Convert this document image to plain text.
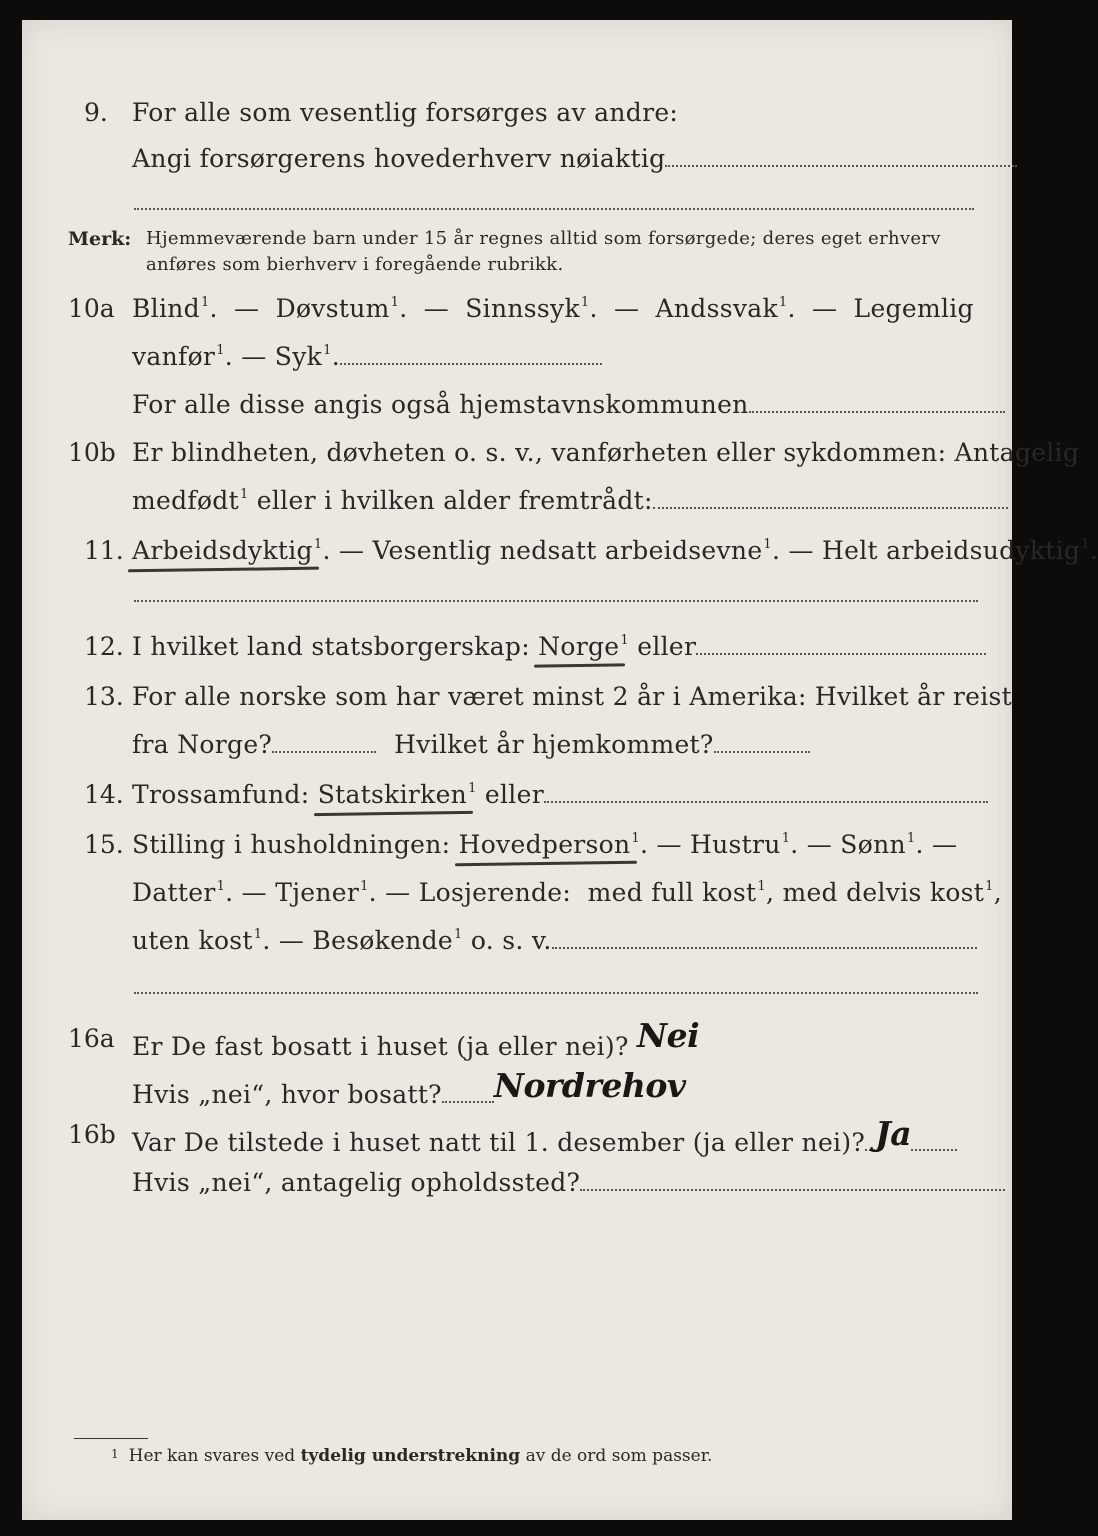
9. For alle som vesentlig forsørges av andre:
Angi forsørgerens hovederhverv nøiaktig
Merk: Hjemmeværende barn under 15 år regnes alltid som forsørgede; deres eget erhverv
anføres som bierhverv i foregående rubrikk.
10a Blind$^1$. — Døvstum$^1$. — Sinnssyk$^1$. — Andssvak$^1$. — Legemlig
vanfør$^1$. — Syk$^1$.
For alle disse angis også hjemstavnskommunen
10b Er blindheten, døvheten o. s. v., vanførheten eller sykdommen: Antagelig
medfødt$^1$ eller i hvilken alder fremtrådt:
11. Arbeidsdyktig$^1$. — Vesentlig nedsatt arbeidsevne$^1$. — Helt arbeidsudyktig$^1$.
12. I hvilket land statsborgerskap: Norge$^1$ eller
13. For alle norske som har været minst 2 år i Amerika: Hvilket år reist
fra Norge?	Hvilket år hjemkommet?
14. Trossamfund: Statskirken$^1$ eller
15. Stilling i husholdningen: Hovedperson$^1$. — Hustru$^1$. — Sønn$^1$. —
Datter$^1$. — Tjener$^1$. — Losjerende: med full kost$^1$, med delvis kost$^1$,
uten kost$^1$. — Besøkende$^1$ o. s. v.
16a Er De fast bosatt i huset (ja eller nei)? Nei
Hvis „nei“, hvor bosatt? Nordrehov
16b Var De tilstede i huset natt til 1. desember (ja eller nei)? Ja
Hvis „nei“, antagelig opholdssted?
$^1$ Her kan svares ved tydelig understrekning av de ord som passer.
